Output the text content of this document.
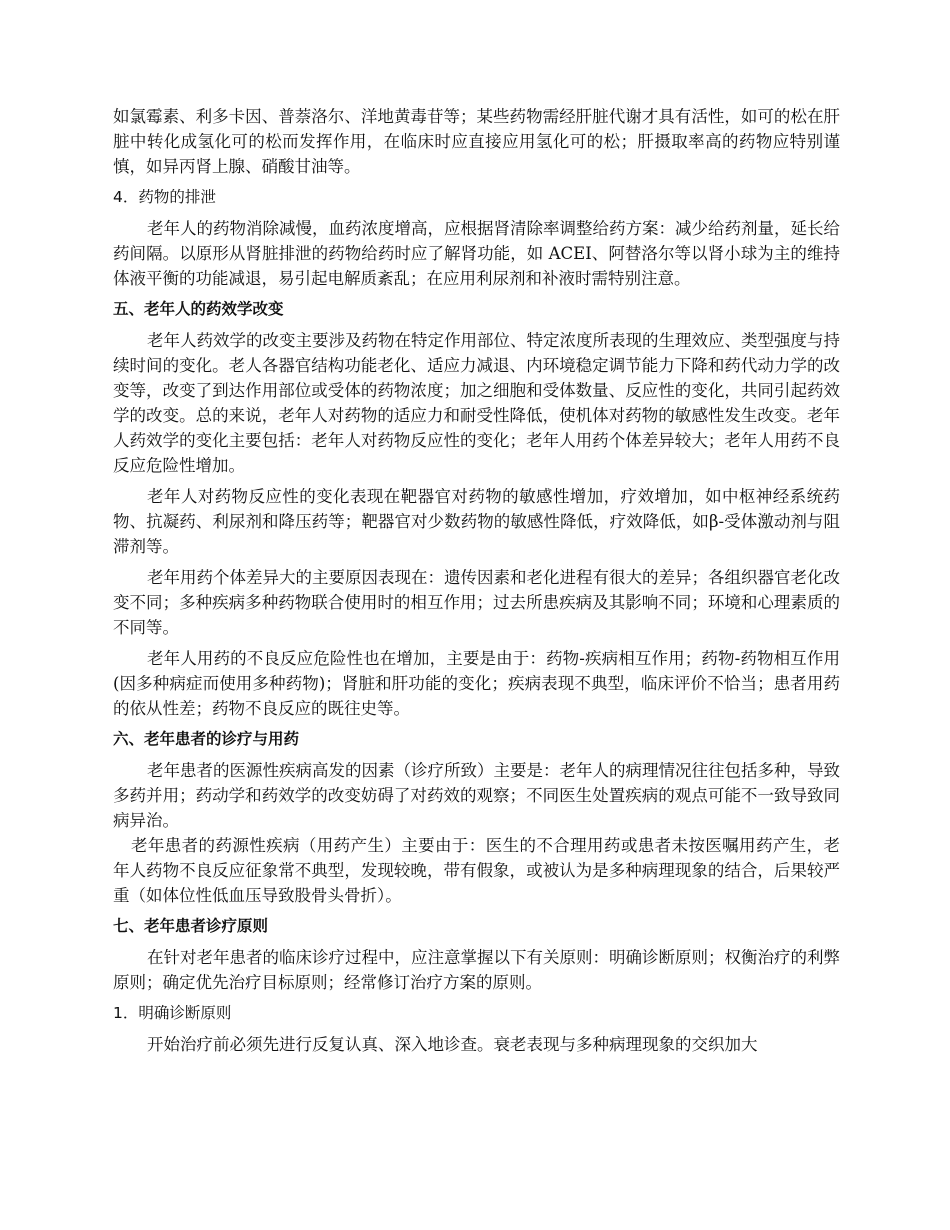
如氯霉素、利多卡因、普萘洛尔、洋地黄毒苷等；某些药物需经肝脏代谢才具有活性，如可的松在肝脏中转化成氢化可的松而发挥作用，在临床时应直接应用氢化可的松；肝摄取率高的药物应特别谨慎，如异丙肾上腺、硝酸甘油等。

4．药物的排泄

老年人的药物消除减慢，血药浓度增高，应根据肾清除率调整给药方案：减少给药剂量，延长给药间隔。以原形从肾脏排泄的药物给药时应了解肾功能，如 ACEI、阿替洛尔等以肾小球为主的维持体液平衡的功能减退，易引起电解质紊乱；在应用利尿剂和补液时需特别注意。

五、老年人的药效学改变

老年人药效学的改变主要涉及药物在特定作用部位、特定浓度所表现的生理效应、类型强度与持续时间的变化。老人各器官结构功能老化、适应力减退、内环境稳定调节能力下降和药代动力学的改变等，改变了到达作用部位或受体的药物浓度；加之细胞和受体数量、反应性的变化，共同引起药效学的改变。总的来说，老年人对药物的适应力和耐受性降低，使机体对药物的敏感性发生改变。老年人药效学的变化主要包括：老年人对药物反应性的变化；老年人用药个体差异较大；老年人用药不良反应危险性增加。

老年人对药物反应性的变化表现在靶器官对药物的敏感性增加，疗效增加，如中枢神经系统药物、抗凝药、利尿剂和降压药等；靶器官对少数药物的敏感性降低，疗效降低，如β-受体激动剂与阻滞剂等。

老年用药个体差异大的主要原因表现在：遗传因素和老化进程有很大的差异；各组织器官老化改变不同；多种疾病多种药物联合使用时的相互作用；过去所患疾病及其影响不同；环境和心理素质的不同等。

老年人用药的不良反应危险性也在增加，主要是由于：药物-疾病相互作用；药物-药物相互作用(因多种病症而使用多种药物)；肾脏和肝功能的变化；疾病表现不典型，临床评价不恰当；患者用药的依从性差；药物不良反应的既往史等。

六、老年患者的诊疗与用药

老年患者的医源性疾病高发的因素（诊疗所致）主要是：老年人的病理情况往往包括多种，导致多药并用；药动学和药效学的改变妨碍了对药效的观察；不同医生处置疾病的观点可能不一致导致同病异治。

老年患者的药源性疾病（用药产生）主要由于：医生的不合理用药或患者未按医嘱用药产生，老年人药物不良反应征象常不典型，发现较晚，带有假象，或被认为是多种病理现象的结合，后果较严重（如体位性低血压导致股骨头骨折）。

七、老年患者诊疗原则

在针对老年患者的临床诊疗过程中，应注意掌握以下有关原则：明确诊断原则；权衡治疗的利弊原则；确定优先治疗目标原则；经常修订治疗方案的原则。

1．明确诊断原则

开始治疗前必须先进行反复认真、深入地诊查。衰老表现与多种病理现象的交织加大
